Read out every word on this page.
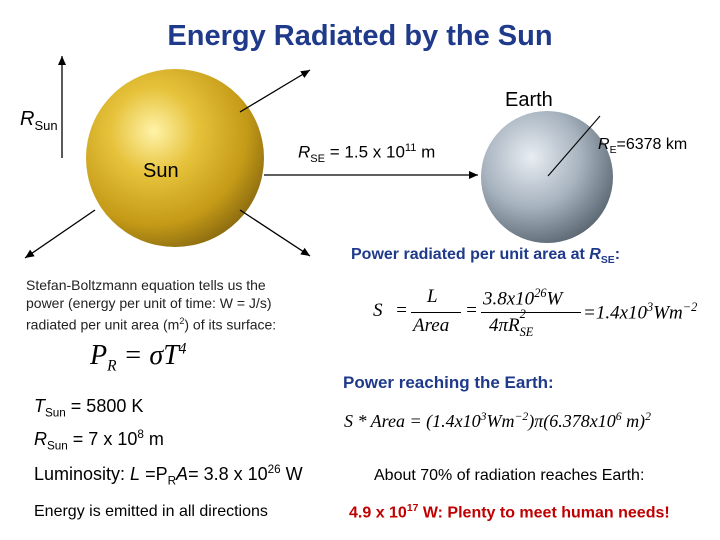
Energy Radiated by the Sun
Earth
$R_{Sun}$
Sun
$R_{SE} = 1.5$ x $10^{11}$ m	$R_E=6378$ km
Power radiated per unit area at $R_{SE}$:
S =
L
Area
=
$3.8x10^{26}W$
4πR
2
$_{SE}$
$=1.4x10^3Wm^{-2}$
Power reaching the Earth:
S * Area = $(1.4x10^3Wm^{-2})\pi(6.378x10^6$ m)$^2$
About 70% of radiation reaches Earth:
4.9 x $10^{17}$ W: Plenty to meet human needs!
Stefan-Boltzmann equation tells us the
power (energy per unit of time: W = J/s)
radiated per unit area $(m^2)$ of its surface:
$P_R = \sigma T^4$
$T_{Sun} = 5800$ K
$R_{Sun} = 7$ x $10^8$ m
Luminosity: $L =P_RA= 3.8$ x $10^{26}$ W
Energy is emitted in all directions
